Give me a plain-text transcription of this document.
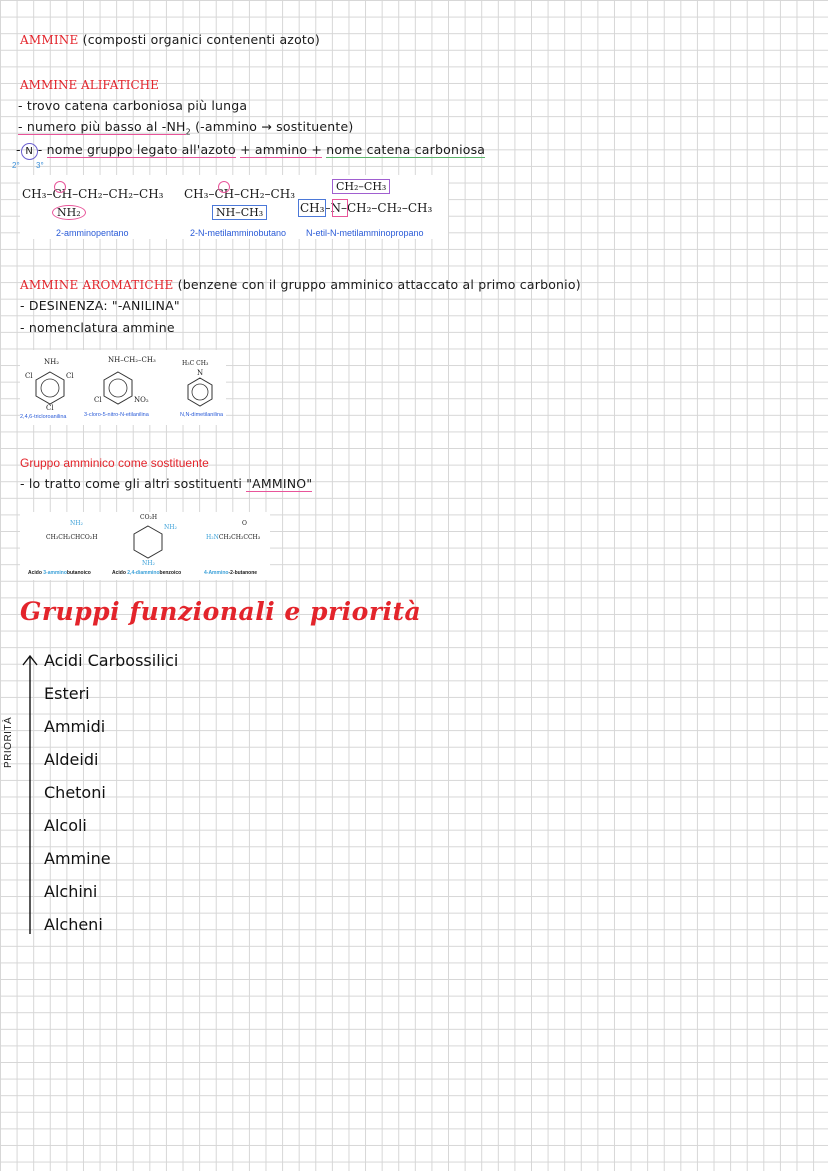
AMMINE (composti organici contenenti azoto)
AMMINE ALIFATICHE
- trovo catena carboniosa più lunga
- numero più basso al $-NH_2$ (-ammino → sostituente)
- N - nome gruppo legato all'azoto + ammino + nome catena carboniosa
2° 3°
CH₃–CH–CH₂–CH₂–CH₃
NH₂
2-amminopentano
CH₃–CH–CH₂–CH₃
NH–CH₃
2-N-metilamminobutano
CH₂–CH₃
CH₃–N–CH₂–CH₂–CH₃
N-etil-N-metilamminopropano
AMMINE AROMATICHE (benzene con il gruppo amminico attaccato al primo carbonio)
- DESINENZA: "-ANILINA"
- nomenclatura ammine
NH₂
Cl	Cl
Cl
2,4,6-tricloroanilina
NH–CH₂–CH₃
Cl	NO₂
3-cloro-5-nitro-N-etilanilina
H₃C CH₃
N
N,N-dimetilanilina
Gruppo amminico come sostituente
- lo tratto come gli altri sostituenti "AMMINO"
NH₂
CH₃CH₂CHCO₂H
Acido 3-amminobutanoico
CO₂H
NH₂
NH₂
Acido 2,4-diamminobenzoico
O
H₂NCH₂CH₂CCH₃
4-Ammino-2-butanone
Gruppi funzionali e priorità
PRIORITÀ
Acidi Carbossilici
Esteri
Ammidi
Aldeidi
Chetoni
Alcoli
Ammine
Alchini
Alcheni
